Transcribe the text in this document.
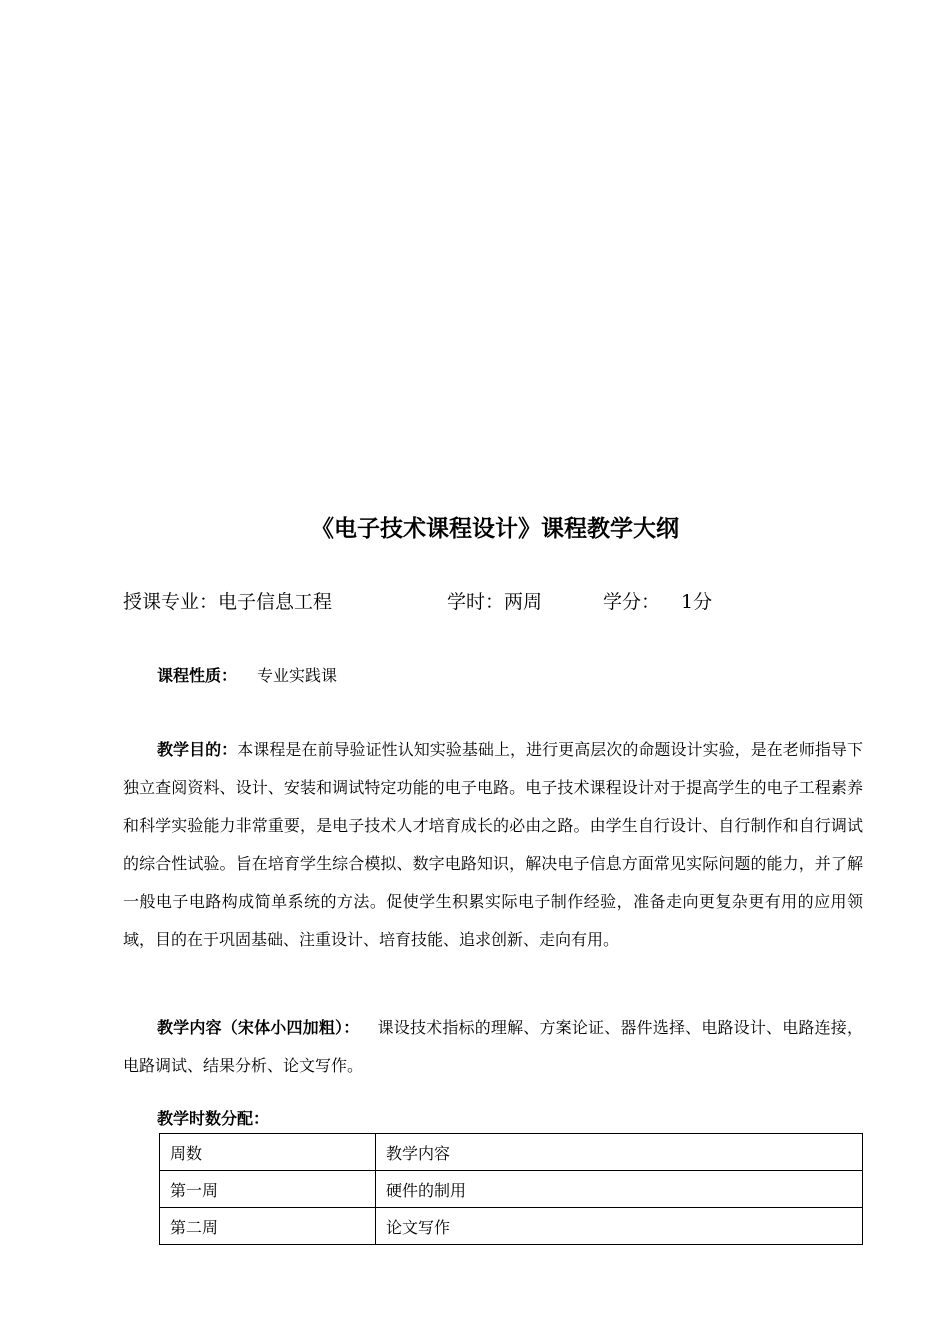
《电子技术课程设计》课程教学大纲
授课专业：电子信息工程	学时：两周	学分： 1分
课程性质： 专业实践课
教学目的：本课程是在前导验证性认知实验基础上，进行更高层次的命题设计实验，是在老师指导下独立查阅资料、设计、安装和调试特定功能的电子电路。电子技术课程设计对于提高学生的电子工程素养和科学实验能力非常重要，是电子技术人才培育成长的必由之路。由学生自行设计、自行制作和自行调试的综合性试验。旨在培育学生综合模拟、数字电路知识，解决电子信息方面常见实际问题的能力，并了解一般电子电路构成简单系统的方法。促使学生积累实际电子制作经验，准备走向更复杂更有用的应用领域，目的在于巩固基础、注重设计、培育技能、追求创新、走向有用。
教学内容（宋体小四加粗）： 课设技术指标的理解、方案论证、器件选择、电路设计、电路连接，电路调试、结果分析、论文写作。
教学时数分配：
周数	教学内容
第一周	硬件的制用
第二周	论文写作
